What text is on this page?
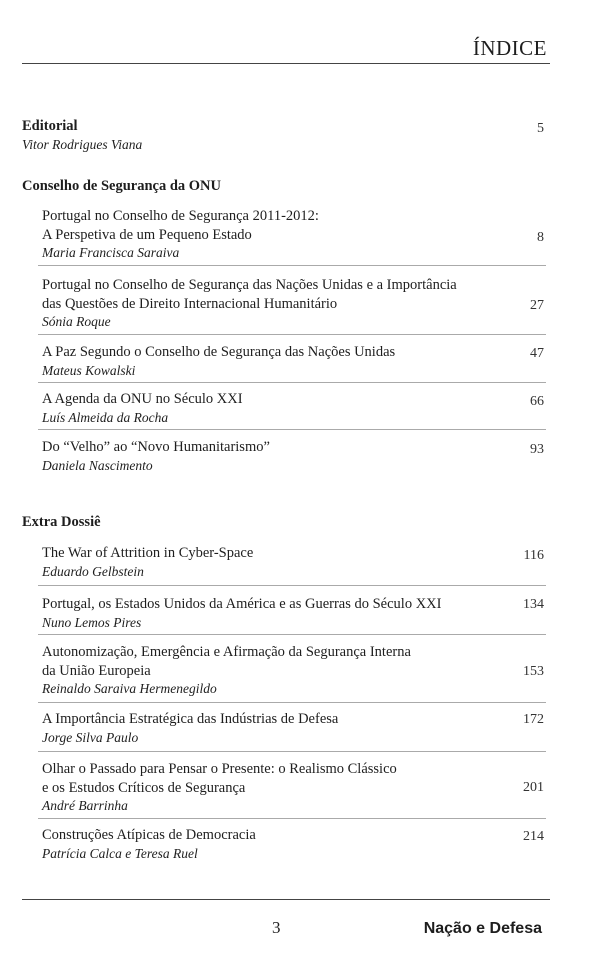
ÍNDICE
Editorial
Vitor Rodrigues Viana
5
Conselho de Segurança da ONU
Portugal no Conselho de Segurança 2011-2012:
A Perspetiva de um Pequeno Estado
Maria Francisca Saraiva
8
Portugal no Conselho de Segurança das Nações Unidas e a Importância
das Questões de Direito Internacional Humanitário
Sónia Roque
27
A Paz Segundo o Conselho de Segurança das Nações Unidas
Mateus Kowalski
47
A Agenda da ONU no Século XXI
Luís Almeida da Rocha
66
Do “Velho” ao “Novo Humanitarismo”
Daniela Nascimento
93
Extra Dossiê
The War of Attrition in Cyber-Space
Eduardo Gelbstein
116
Portugal, os Estados Unidos da América e as Guerras do Século XXI
Nuno Lemos Pires
134
Autonomização, Emergência e Afirmação da Segurança Interna
da União Europeia
Reinaldo Saraiva Hermenegildo
153
A Importância Estratégica das Indústrias de Defesa
Jorge Silva Paulo
172
Olhar o Passado para Pensar o Presente: o Realismo Clássico
e os Estudos Críticos de Segurança
André Barrinha
201
Construções Atípicas de Democracia
Patrícia Calca e Teresa Ruel
214
3	Nação e Defesa
